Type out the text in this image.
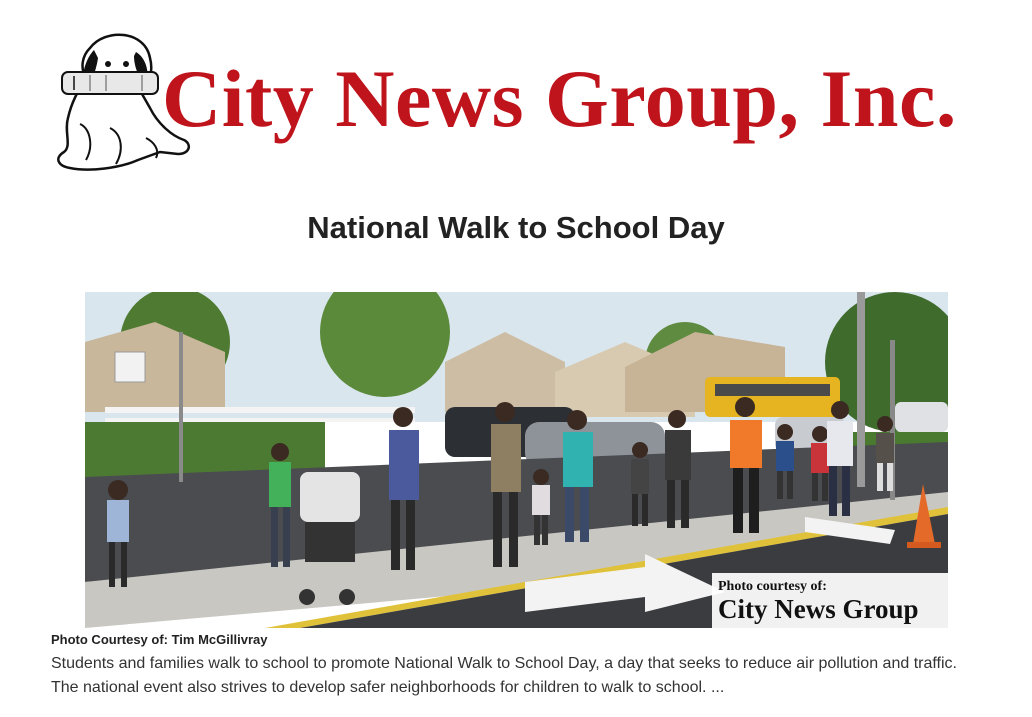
City News Group, Inc.
National Walk to School Day
Photo courtesy of:
City News Group
Photo Courtesy of: Tim McGillivray

Students and families walk to school to promote National Walk to School Day, a day that seeks to reduce air pollution and traffic. The national event also strives to develop safer neighborhoods for children to walk to school. ...
